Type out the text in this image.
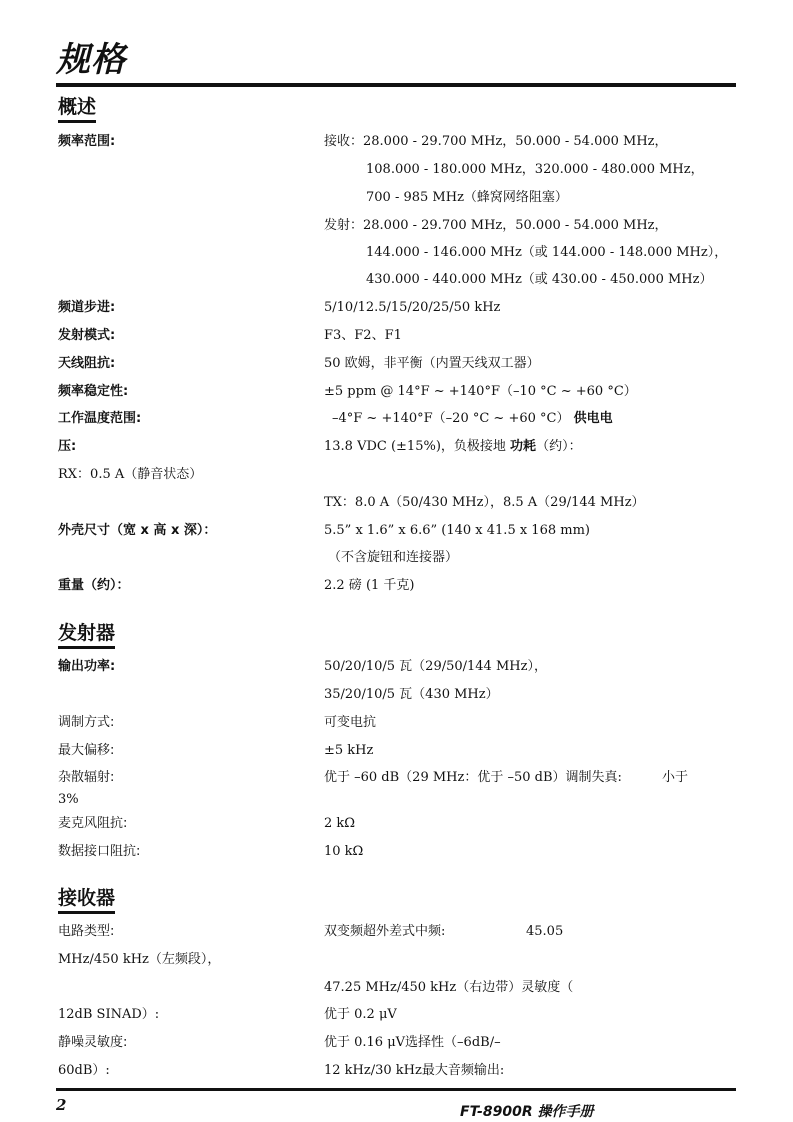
规格
概述
频率范围:	接收：28.000 - 29.700 MHz，50.000 - 54.000 MHz，
108.000 - 180.000 MHz，320.000 - 480.000 MHz，
700 - 985 MHz（蜂窝网络阻塞）
发射：28.000 - 29.700 MHz，50.000 - 54.000 MHz，
144.000 - 146.000 MHz（或 144.000 - 148.000 MHz），
430.000 - 440.000 MHz（或 430.00 - 450.000 MHz）
频道步进:	5/10/12.5/15/20/25/50 kHz
发射模式:	F3、F2、F1
天线阻抗:	50 欧姆，非平衡（内置天线双工器）
频率稳定性:	±5 ppm @ 14°F ~ +140°F（–10 °C ~ +60 °C）
工作温度范围:	–4°F ~ +140°F（–20 °C ~ +60 °C） 供电电
压:	13.8 VDC (±15%)，负极接地 功耗（约）：
RX：0.5 A（静音状态）
TX：8.0 A（50/430 MHz），8.5 A（29/144 MHz）
外壳尺寸（宽 x 高 x 深）：	5.5” x 1.6” x 6.6” (140 x 41.5 x 168 mm)
（不含旋钮和连接器）
重量（约）：	2.2 磅 (1 千克)
发射器
输出功率:	50/20/10/5 瓦（29/50/144 MHz），
35/20/10/5 瓦（430 MHz）
调制方式:	可变电抗
最大偏移:	±5 kHz
杂散辐射:	优于 –60 dB（29 MHz：优于 –50 dB）调制失真:	小于
3%
麦克风阻抗:	2 kΩ
数据接口阻抗:	10 kΩ
接收器
电路类型:	双变频超外差式中频:	45.05
MHz/450 kHz（左频段），
47.25 MHz/450 kHz（右边带）灵敏度（
12dB SINAD）:	优于 0.2 μV
静噪灵敏度:	优于 0.16 μV选择性（–6dB/–
60dB）:	12 kHz/30 kHz最大音频输出:
2	FT-8900R 操作手册
